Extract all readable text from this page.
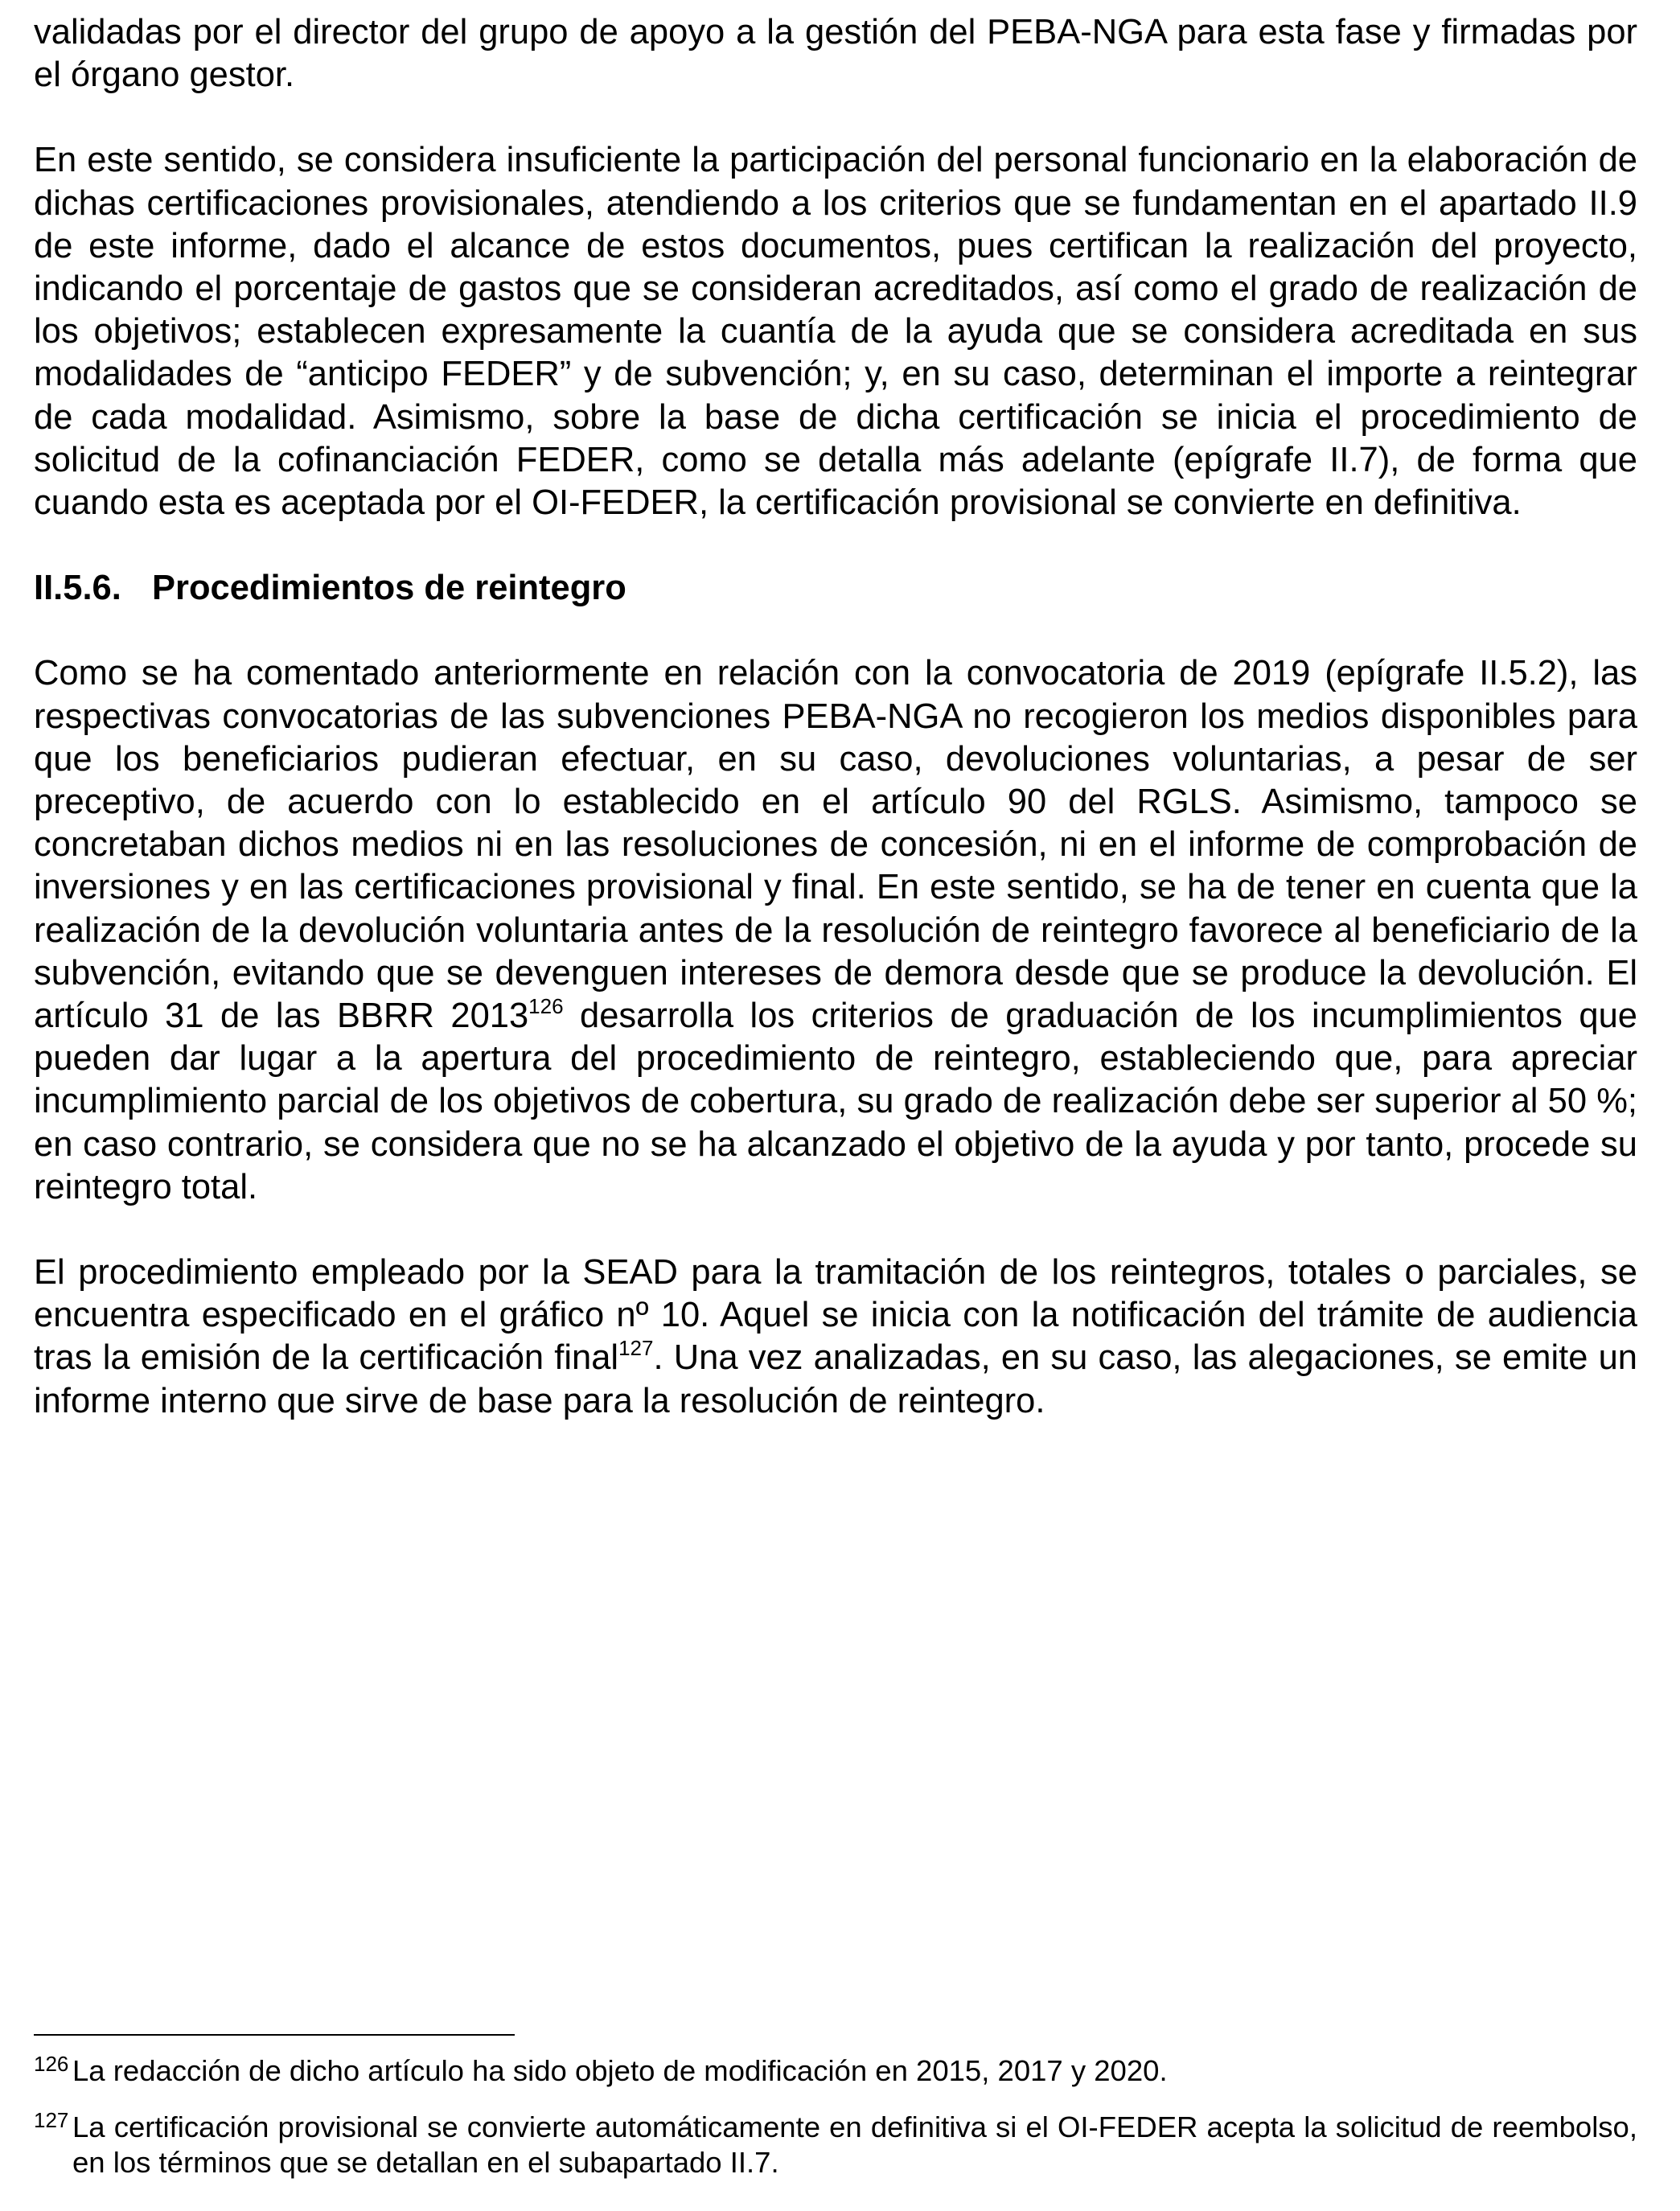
validadas por el director del grupo de apoyo a la gestión del PEBA-NGA para esta fase y firmadas por el órgano gestor.

En este sentido, se considera insuficiente la participación del personal funcionario en la elaboración de dichas certificaciones provisionales, atendiendo a los criterios que se fundamentan en el apartado II.9 de este informe, dado el alcance de estos documentos, pues certifican la realización del proyecto, indicando el porcentaje de gastos que se consideran acreditados, así como el grado de realización de los objetivos; establecen expresamente la cuantía de la ayuda que se considera acreditada en sus modalidades de “anticipo FEDER” y de subvención; y, en su caso, determinan el importe a reintegrar de cada modalidad. Asimismo, sobre la base de dicha certificación se inicia el procedimiento de solicitud de la cofinanciación FEDER, como se detalla más adelante (epígrafe II.7), de forma que cuando esta es aceptada por el OI-FEDER, la certificación provisional se convierte en definitiva.

II.5.6. Procedimientos de reintegro

Como se ha comentado anteriormente en relación con la convocatoria de 2019 (epígrafe II.5.2), las respectivas convocatorias de las subvenciones PEBA-NGA no recogieron los medios disponibles para que los beneficiarios pudieran efectuar, en su caso, devoluciones voluntarias, a pesar de ser preceptivo, de acuerdo con lo establecido en el artículo 90 del RGLS. Asimismo, tampoco se concretaban dichos medios ni en las resoluciones de concesión, ni en el informe de comprobación de inversiones y en las certificaciones provisional y final. En este sentido, se ha de tener en cuenta que la realización de la devolución voluntaria antes de la resolución de reintegro favorece al beneficiario de la subvención, evitando que se devenguen intereses de demora desde que se produce la devolución. El artículo 31 de las BBRR 2013$^{126}$ desarrolla los criterios de graduación de los incumplimientos que pueden dar lugar a la apertura del procedimiento de reintegro, estableciendo que, para apreciar incumplimiento parcial de los objetivos de cobertura, su grado de realización debe ser superior al 50 %; en caso contrario, se considera que no se ha alcanzado el objetivo de la ayuda y por tanto, procede su reintegro total.

El procedimiento empleado por la SEAD para la tramitación de los reintegros, totales o parciales, se encuentra especificado en el gráfico nº 10. Aquel se inicia con la notificación del trámite de audiencia tras la emisión de la certificación final$^{127}$. Una vez analizadas, en su caso, las alegaciones, se emite un informe interno que sirve de base para la resolución de reintegro.

126 La redacción de dicho artículo ha sido objeto de modificación en 2015, 2017 y 2020.

127 La certificación provisional se convierte automáticamente en definitiva si el OI-FEDER acepta la solicitud de reembolso, en los términos que se detallan en el subapartado II.7.
